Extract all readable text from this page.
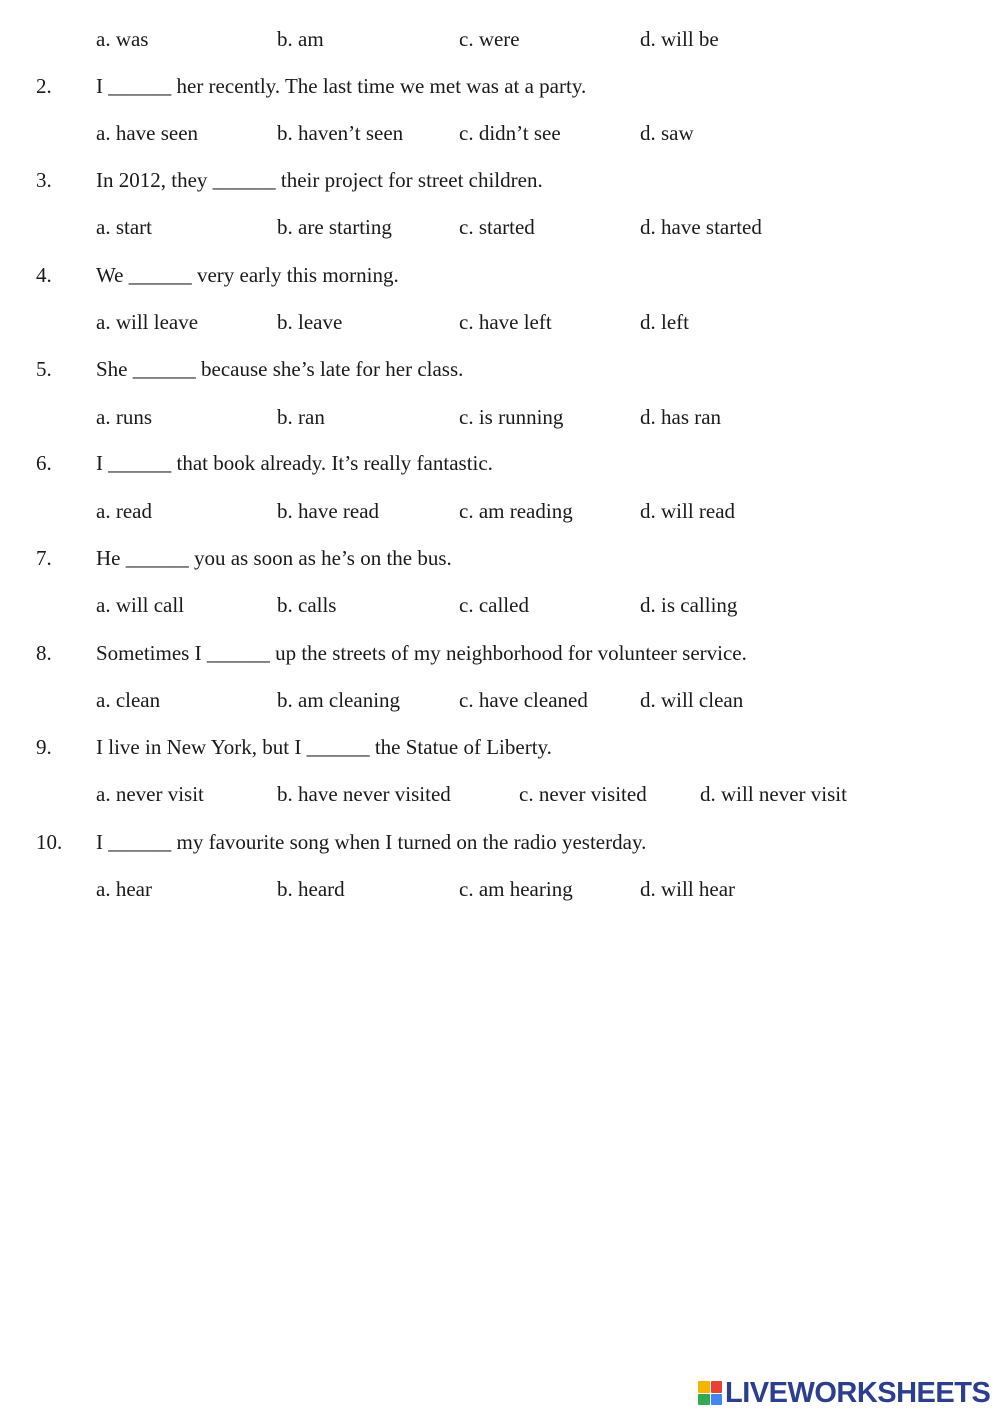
a. was	b. am	c. were	d. will be
2. I ______ her recently. The last time we met was at a party.
a. have seen	b. haven’t seen	c. didn’t see	d. saw
3. In 2012, they ______ their project for street children.
a. start	b. are starting	c. started	d. have started
4. We ______ very early this morning.
a. will leave	b. leave	c. have left	d. left
5. She ______ because she’s late for her class.
a. runs	b. ran	c. is running	d. has ran
6. I ______ that book already. It’s really fantastic.
a. read	b. have read	c. am reading	d. will read
7. He ______ you as soon as he’s on the bus.
a. will call	b. calls	c. called	d. is calling
8. Sometimes I ______ up the streets of my neighborhood for volunteer service.
a. clean	b. am cleaning	c. have cleaned d. will clean
9. I live in New York, but I ______ the Statue of Liberty.
a. never visit	b. have never visited	c. never visited	d. will never visit
10. I ______ my favourite song when I turned on the radio yesterday.
a. hear	b. heard	c. am hearing	d. will hear
LIVEWORKSHEETS
